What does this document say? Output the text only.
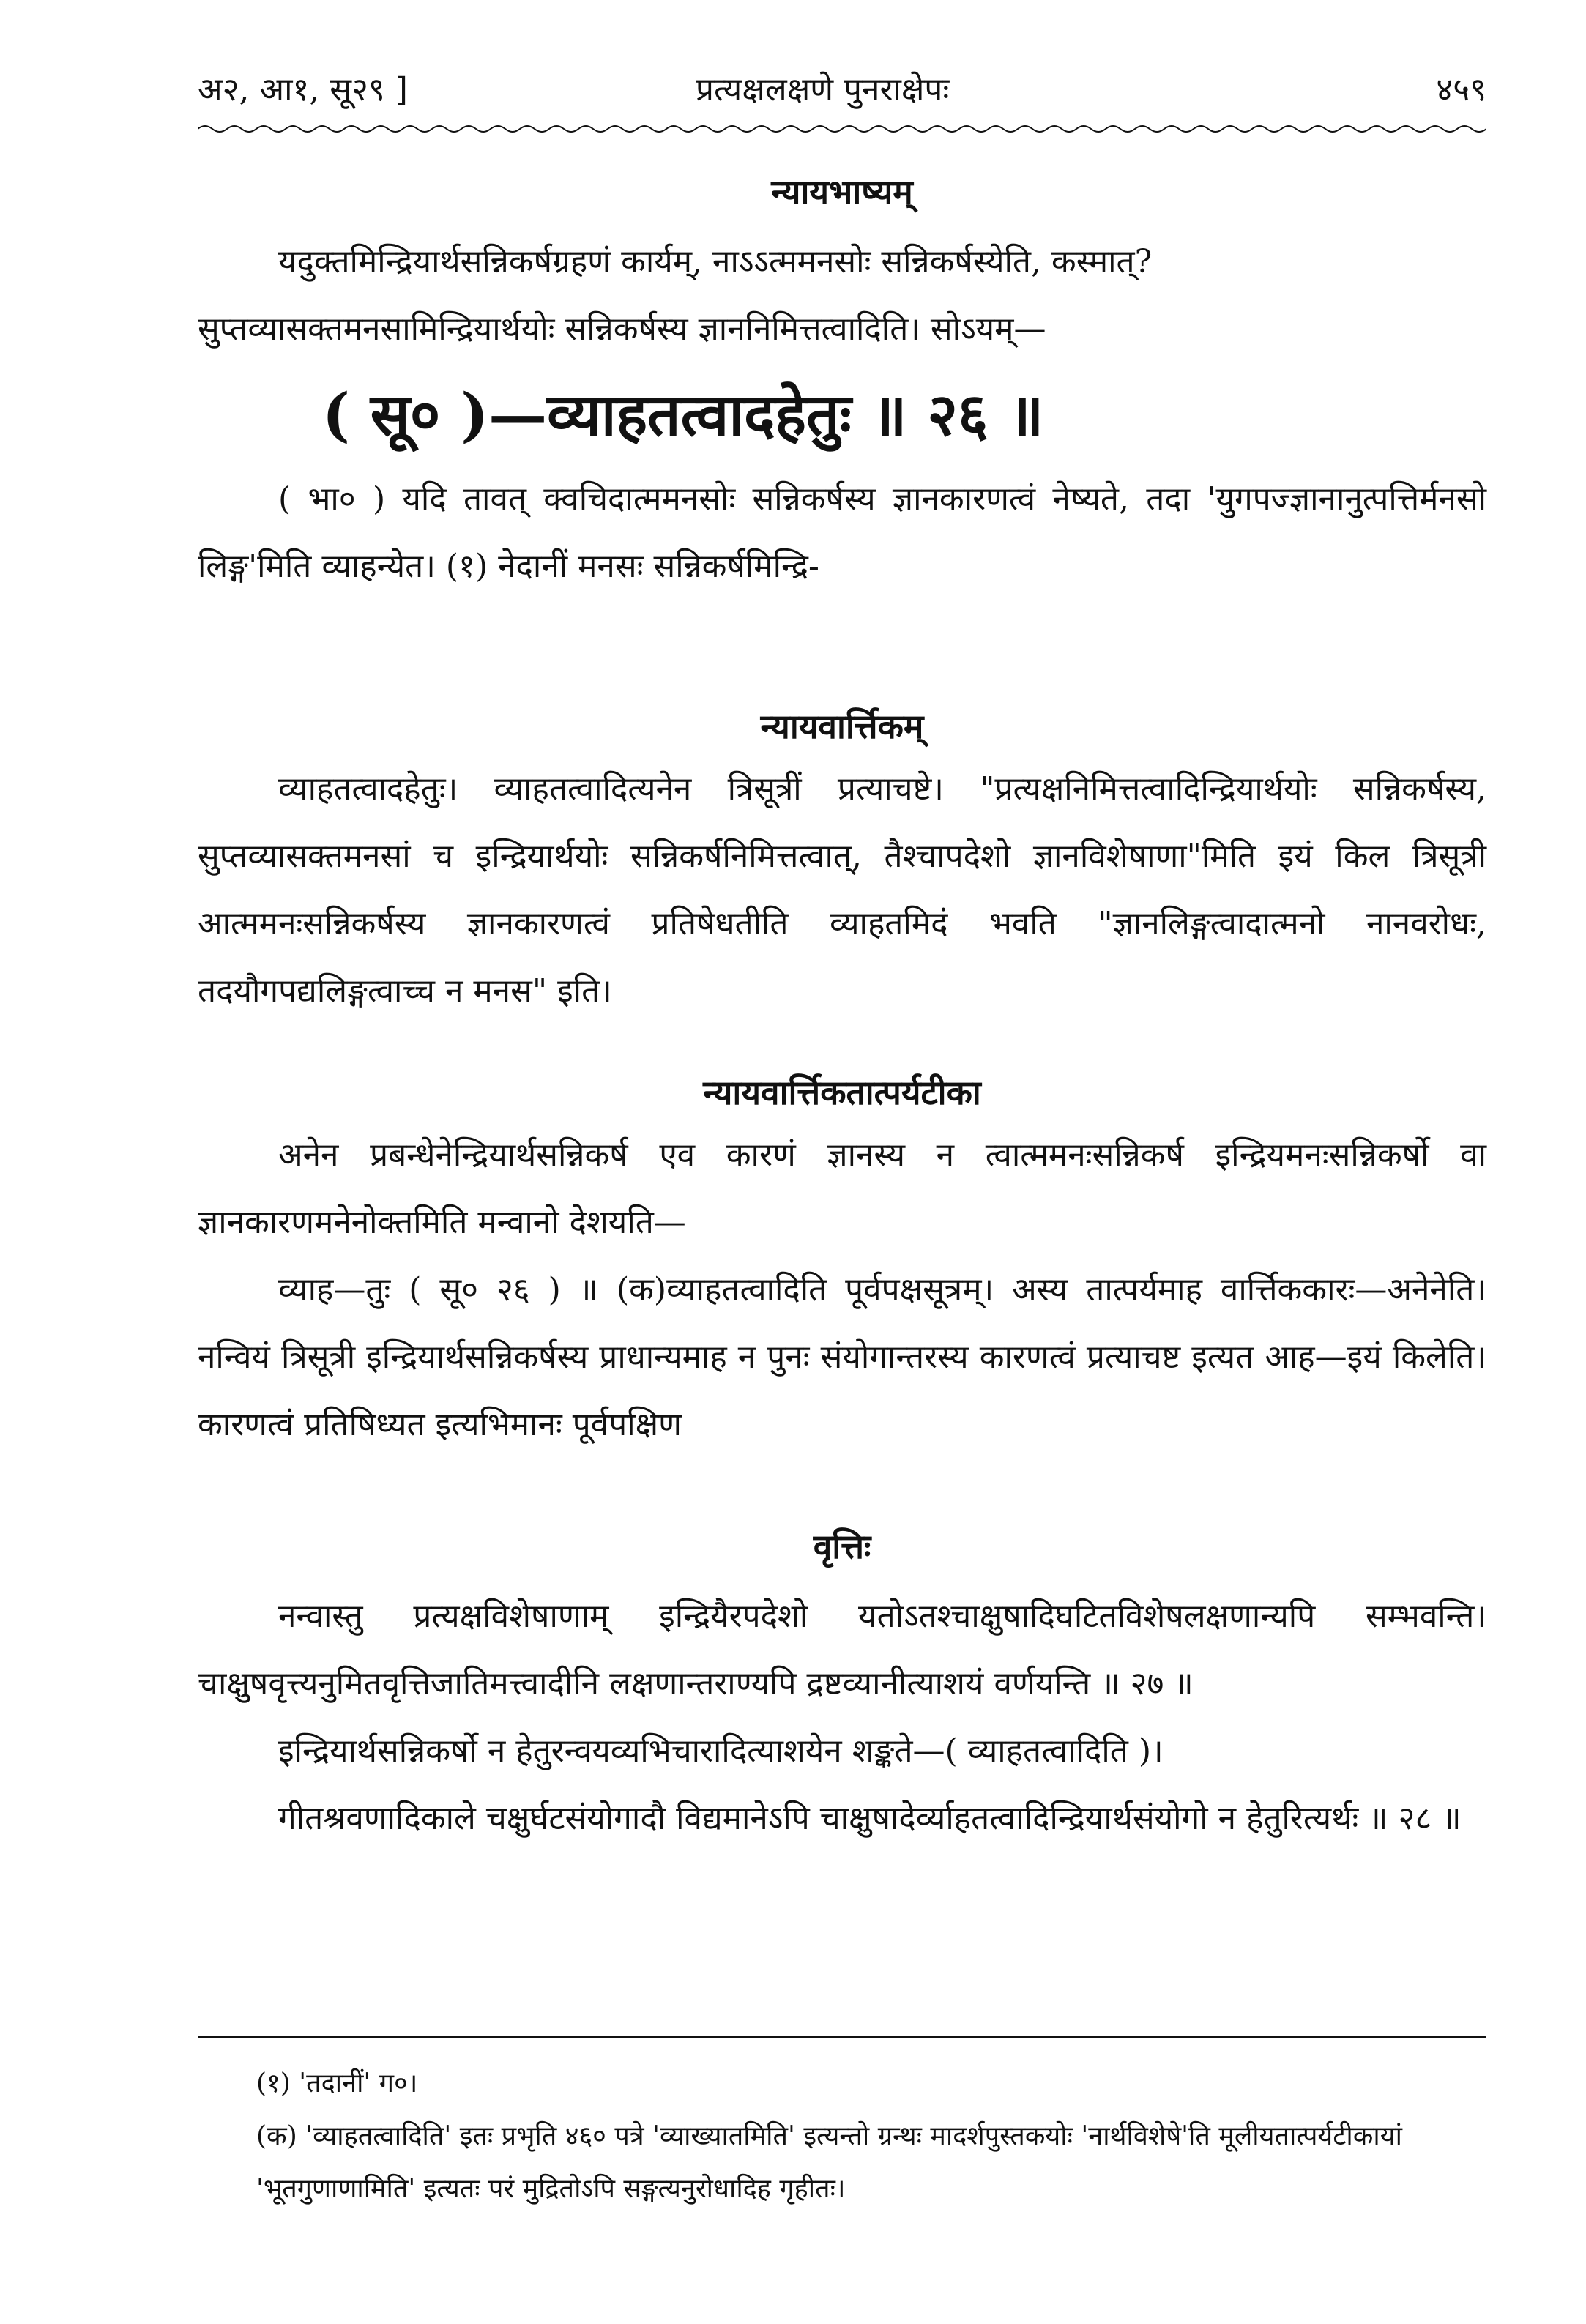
अ२, आ१, सू२९ ]	प्रत्यक्षलक्षणे पुनराक्षेपः	४५९

न्यायभाष्यम्

यदुक्तमिन्द्रियार्थसन्निकर्षग्रहणं कार्यम्, नाऽऽत्ममनसोः सन्निकर्षस्येति, कस्मात्?

सुप्तव्यासक्तमनसामिन्द्रियार्थयोः सन्निकर्षस्य ज्ञाननिमित्तत्वादिति। सोऽयम्—

( सू० )—व्याहतत्वादहेतुः ॥ २६ ॥

( भा० ) यदि तावत् क्वचिदात्ममनसोः सन्निकर्षस्य ज्ञानकारणत्वं नेष्यते, तदा 'युगपज्ज्ञानानुत्पत्तिर्मनसो लिङ्ग'मिति व्याहन्येत। (१) नेदानीं मनसः सन्निकर्षमिन्द्रि-

न्यायवार्त्तिकम्

व्याहतत्वादहेतुः। व्याहतत्वादित्यनेन त्रिसूत्रीं प्रत्याचष्टे। "प्रत्यक्षनिमित्तत्वादिन्द्रियार्थयोः सन्निकर्षस्य, सुप्तव्यासक्तमनसां च इन्द्रियार्थयोः सन्निकर्षनिमित्तत्वात्, तैश्चापदेशो ज्ञानविशेषाणा"मिति इयं किल त्रिसूत्री आत्ममनःसन्निकर्षस्य ज्ञानकारणत्वं प्रतिषेधतीति व्याहतमिदं भवति "ज्ञानलिङ्गत्वादात्मनो नानवरोधः, तदयौगपद्यलिङ्गत्वाच्च न मनस" इति।

न्यायवार्त्तिकतात्पर्यटीका

अनेन प्रबन्धेनेन्द्रियार्थसन्निकर्ष एव कारणं ज्ञानस्य न त्वात्ममनःसन्निकर्ष इन्द्रियमनःसन्निकर्षो वा ज्ञानकारणमनेनोक्तमिति मन्वानो देशयति—

व्याह—तुः ( सू० २६ ) ॥ (क)व्याहतत्वादिति पूर्वपक्षसूत्रम्। अस्य तात्पर्यमाह वार्त्तिककारः—अनेनेति। नन्वियं त्रिसूत्री इन्द्रियार्थसन्निकर्षस्य प्राधान्यमाह न पुनः संयोगान्तरस्य कारणत्वं प्रत्याचष्ट इत्यत आह—इयं किलेति। कारणत्वं प्रतिषिध्यत इत्यभिमानः पूर्वपक्षिण

वृत्तिः

नन्वास्तु प्रत्यक्षविशेषाणाम् इन्द्रियैरपदेशो यतोऽतश्चाक्षुषादिघटितविशेषलक्षणान्यपि सम्भवन्ति। चाक्षुषवृत्त्यनुमितवृत्तिजातिमत्त्वादीनि लक्षणान्तराण्यपि द्रष्टव्यानीत्याशयं वर्णयन्ति ॥ २७ ॥

इन्द्रियार्थसन्निकर्षो न हेतुरन्वयव्यभिचारादित्याशयेन शङ्कते—( व्याहतत्वादिति )।

गीतश्रवणादिकाले चक्षुर्घटसंयोगादौ विद्यमानेऽपि चाक्षुषादेर्व्याहतत्वादिन्द्रियार्थसंयोगो न हेतुरित्यर्थः ॥ २८ ॥

(१) 'तदानीं' ग०।

(क) 'व्याहतत्वादिति' इतः प्रभृति ४६० पत्रे 'व्याख्यातमिति' इत्यन्तो ग्रन्थः मादर्शपुस्तकयोः 'नार्थविशेषे'ति मूलीयतात्पर्यटीकायां 'भूतगुणाणामिति' इत्यतः परं मुद्रितोऽपि सङ्गत्यनुरोधादिह गृहीतः।
